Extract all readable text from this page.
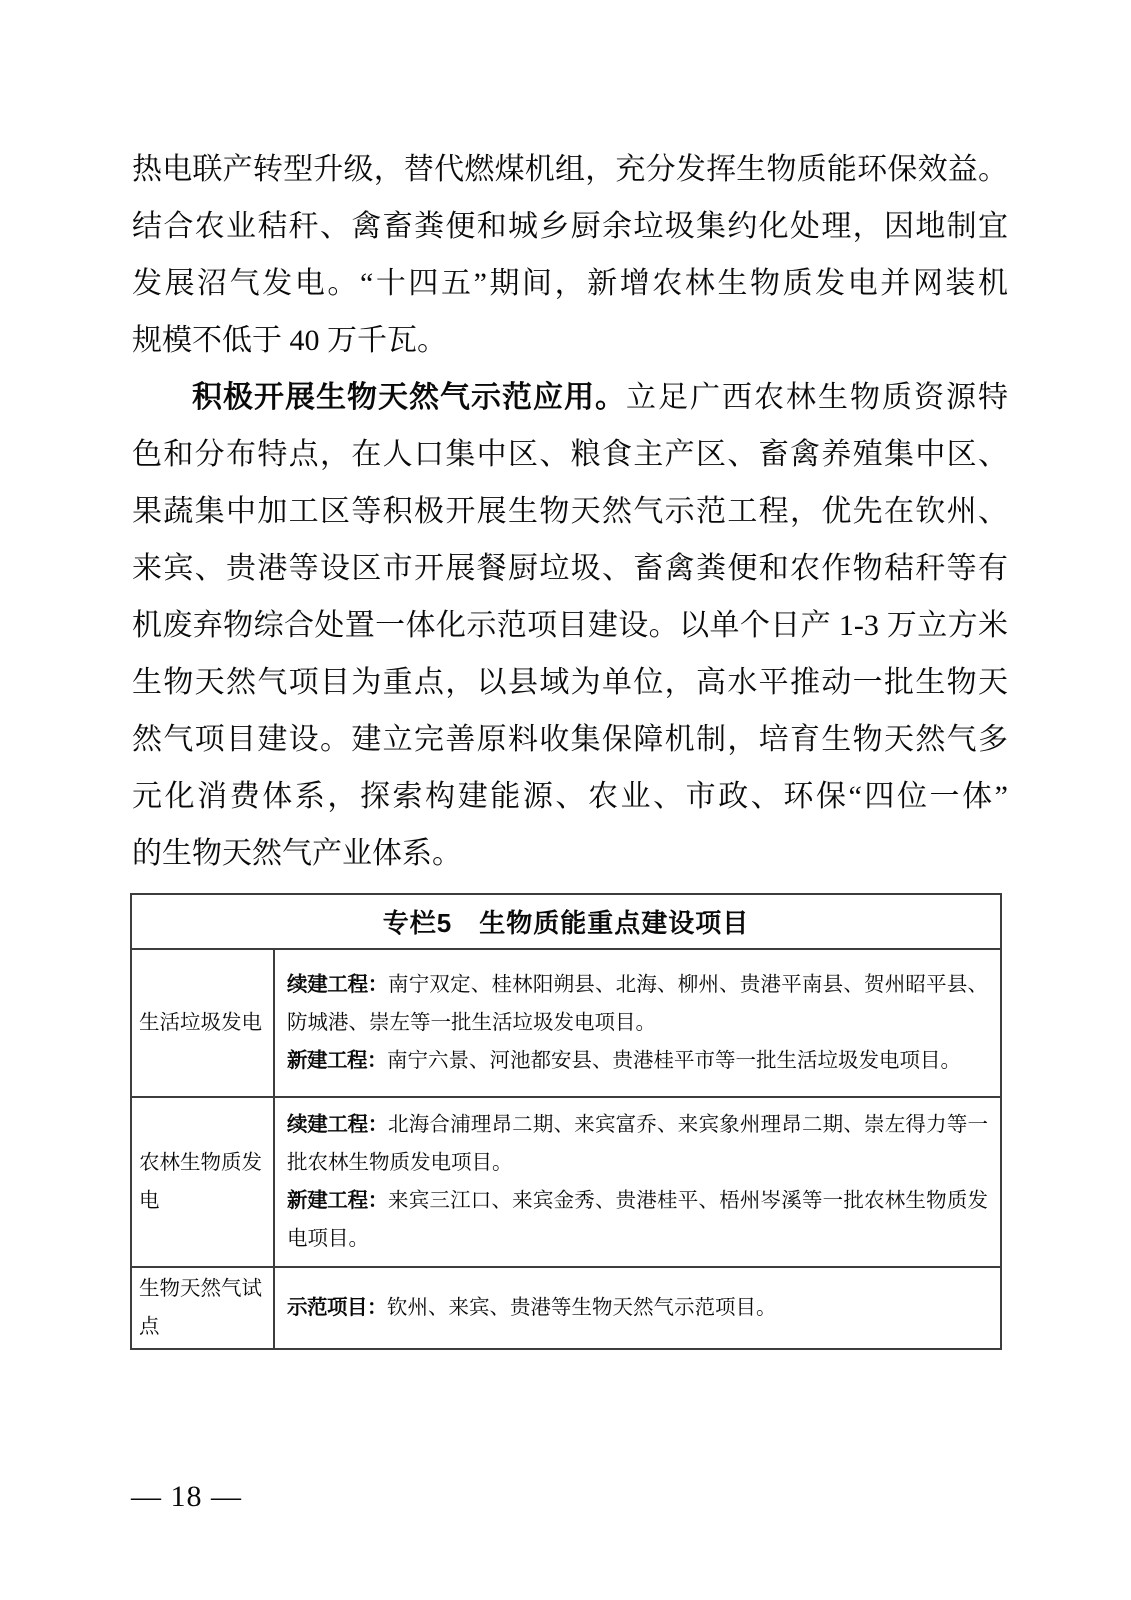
热电联产转型升级，替代燃煤机组，充分发挥生物质能环保效益。
结合农业秸秆、禽畜粪便和城乡厨余垃圾集约化处理，因地制宜
发展沼气发电。“十四五”期间，新增农林生物质发电并网装机
规模不低于 40 万千瓦。
积极开展生物天然气示范应用。立足广西农林生物质资源特
色和分布特点，在人口集中区、粮食主产区、畜禽养殖集中区、
果蔬集中加工区等积极开展生物天然气示范工程，优先在钦州、
来宾、贵港等设区市开展餐厨垃圾、畜禽粪便和农作物秸秆等有
机废弃物综合处置一体化示范项目建设。以单个日产 1-3 万立方米
生物天然气项目为重点，以县域为单位，高水平推动一批生物天
然气项目建设。建立完善原料收集保障机制，培育生物天然气多
元化消费体系，探索构建能源、农业、市政、环保“四位一体”
的生物天然气产业体系。
专栏5　生物质能重点建设项目	
生活垃圾发电	续建工程：南宁双定、桂林阳朔县、北海、柳州、贵港平南县、贺州昭平县、防城港、崇左等一批生活垃圾发电项目。
新建工程：南宁六景、河池都安县、贵港桂平市等一批生活垃圾发电项目。

农林生物质发电	续建工程：北海合浦理昂二期、来宾富乔、来宾象州理昂二期、崇左得力等一批农林生物质发电项目。
新建工程：来宾三江口、来宾金秀、贵港桂平、梧州岑溪等一批农林生物质发电项目。

生物天然气试点	示范项目：钦州、来宾、贵港等生物天然气示范项目。
— 18 —
